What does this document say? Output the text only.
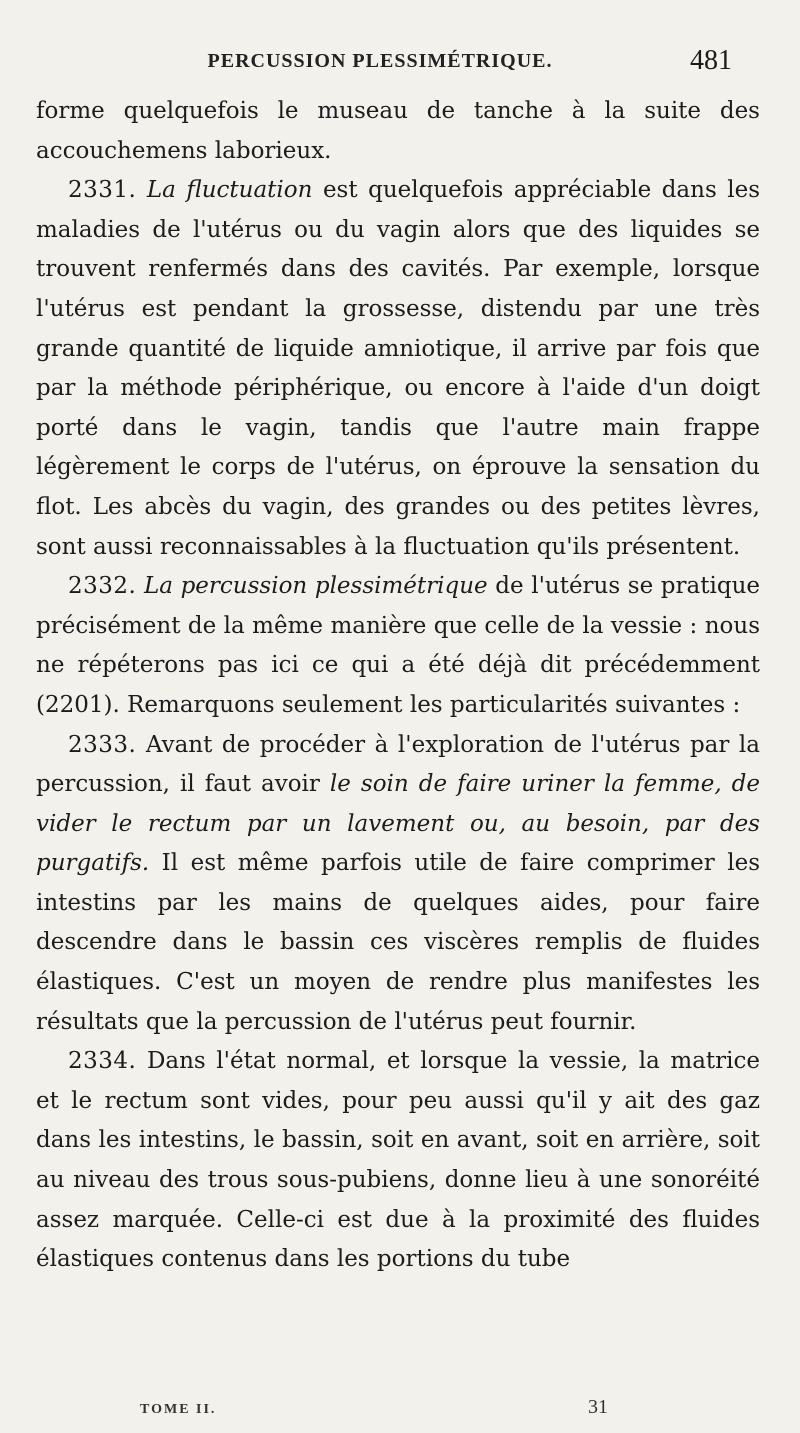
PERCUSSION PLESSIMÉTRIQUE.	481

forme quelquefois le museau de tanche à la suite des accouchemens laborieux.

2331. La fluctuation est quelquefois appréciable dans les maladies de l'utérus ou du vagin alors que des liquides se trouvent renfermés dans des cavités. Par exemple, lorsque l'utérus est pendant la grossesse, distendu par une très grande quantité de liquide amniotique, il arrive par fois que par la méthode périphérique, ou encore à l'aide d'un doigt porté dans le vagin, tandis que l'autre main frappe légèrement le corps de l'utérus, on éprouve la sensation du flot. Les abcès du vagin, des grandes ou des petites lèvres, sont aussi reconnaissables à la fluctuation qu'ils présentent.

2332. La percussion plessimétrique de l'utérus se pratique précisément de la même manière que celle de la vessie : nous ne répéterons pas ici ce qui a été déjà dit précédemment (2201). Remarquons seulement les particularités suivantes :

2333. Avant de procéder à l'exploration de l'utérus par la percussion, il faut avoir le soin de faire uriner la femme, de vider le rectum par un lavement ou, au besoin, par des purgatifs. Il est même parfois utile de faire comprimer les intestins par les mains de quelques aides, pour faire descendre dans le bassin ces viscères remplis de fluides élastiques. C'est un moyen de rendre plus manifestes les résultats que la percussion de l'utérus peut fournir.

2334. Dans l'état normal, et lorsque la vessie, la matrice et le rectum sont vides, pour peu aussi qu'il y ait des gaz dans les intestins, le bassin, soit en avant, soit en arrière, soit au niveau des trous sous-pubiens, donne lieu à une sonoréité assez marquée. Celle-ci est due à la proximité des fluides élastiques contenus dans les portions du tube

TOME II.	31
